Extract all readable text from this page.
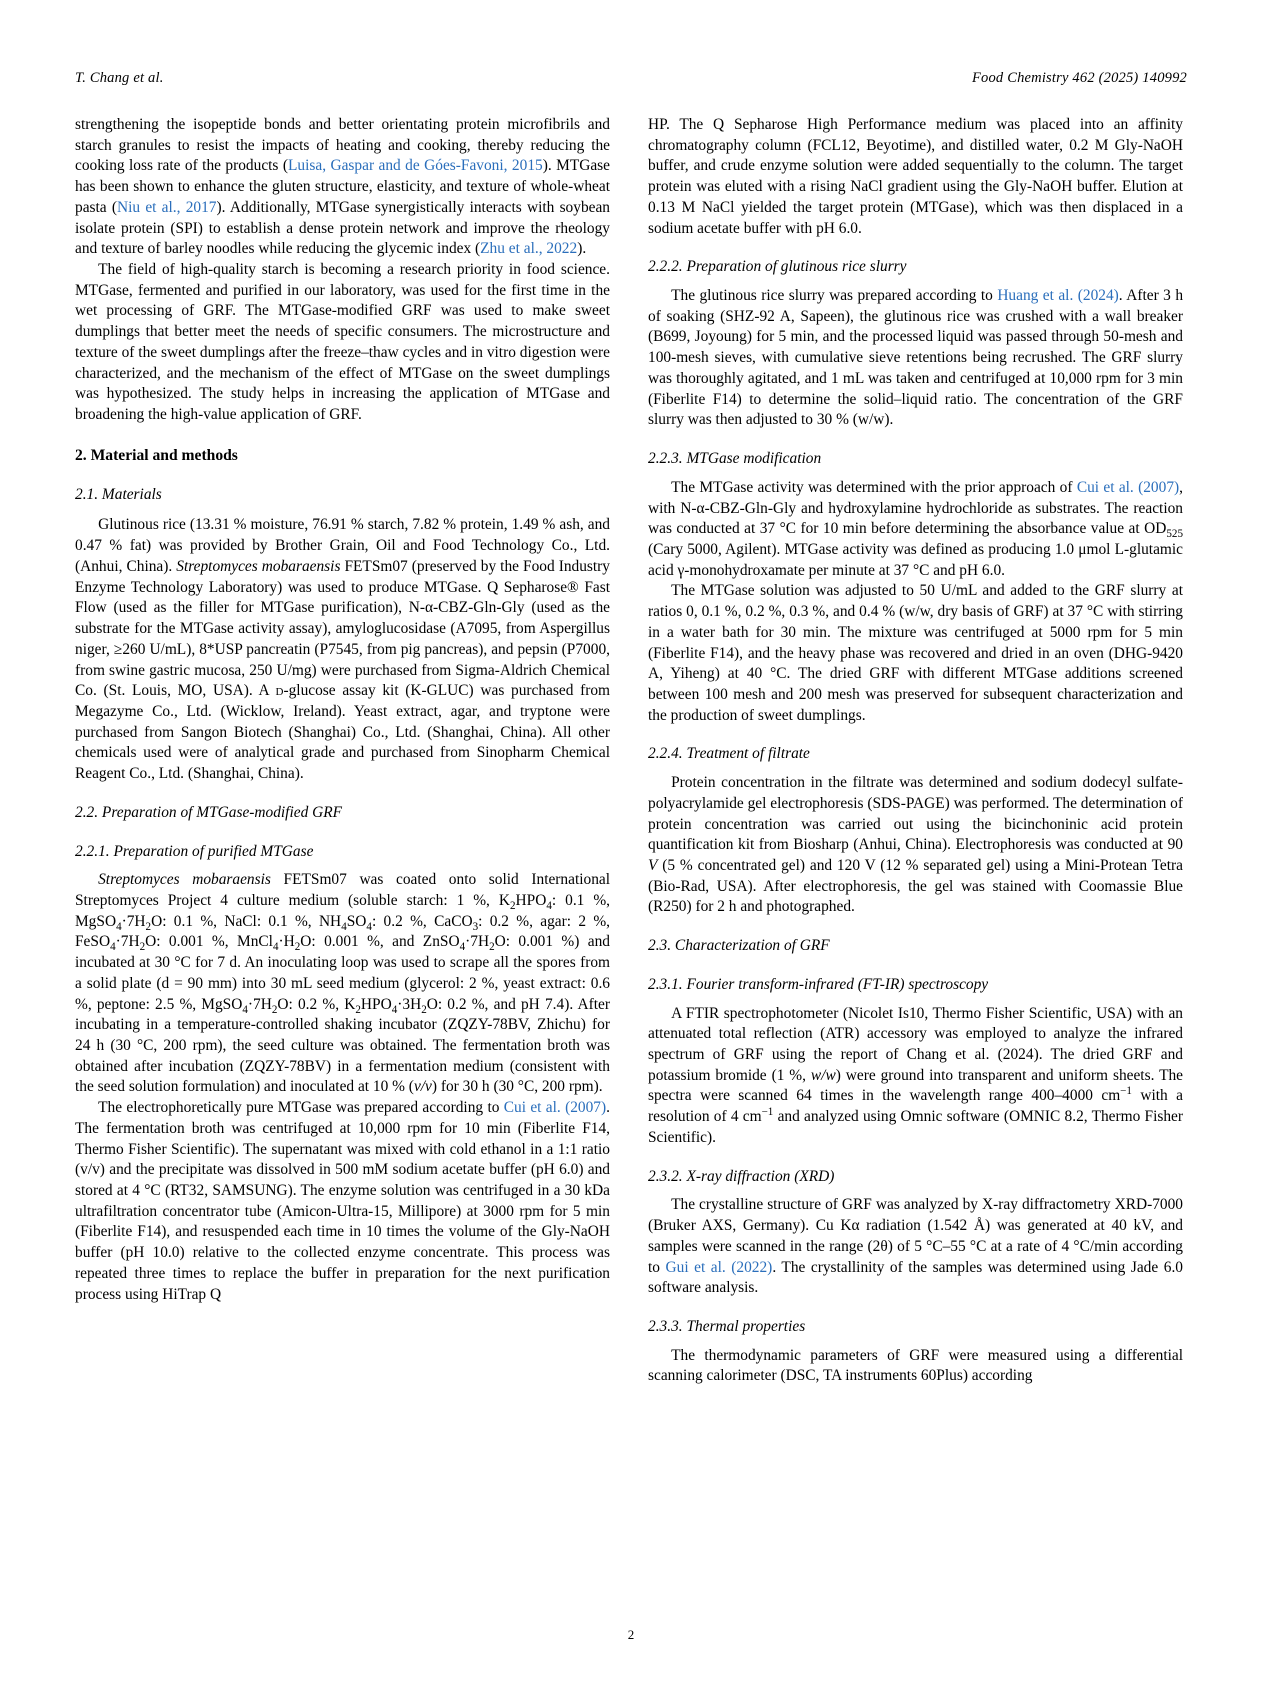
T. Chang et al.	Food Chemistry 462 (2025) 140992

strengthening the isopeptide bonds and better orientating protein microfibrils and starch granules to resist the impacts of heating and cooking, thereby reducing the cooking loss rate of the products (Luisa, Gaspar and de Góes-Favoni, 2015). MTGase has been shown to enhance the gluten structure, elasticity, and texture of whole-wheat pasta (Niu et al., 2017). Additionally, MTGase synergistically interacts with soybean isolate protein (SPI) to establish a dense protein network and improve the rheology and texture of barley noodles while reducing the glycemic index (Zhu et al., 2022).

The field of high-quality starch is becoming a research priority in food science. MTGase, fermented and purified in our laboratory, was used for the first time in the wet processing of GRF. The MTGase-modified GRF was used to make sweet dumplings that better meet the needs of specific consumers. The microstructure and texture of the sweet dumplings after the freeze–thaw cycles and in vitro digestion were characterized, and the mechanism of the effect of MTGase on the sweet dumplings was hypothesized. The study helps in increasing the application of MTGase and broadening the high-value application of GRF.

2. Material and methods
2.1. Materials

Glutinous rice (13.31 % moisture, 76.91 % starch, 7.82 % protein, 1.49 % ash, and 0.47 % fat) was provided by Brother Grain, Oil and Food Technology Co., Ltd. (Anhui, China). Streptomyces mobaraensis FETSm07 (preserved by the Food Industry Enzyme Technology Laboratory) was used to produce MTGase. Q Sepharose® Fast Flow (used as the filler for MTGase purification), N-α-CBZ-Gln-Gly (used as the substrate for the MTGase activity assay), amyloglucosidase (A7095, from Aspergillus niger, ≥260 U/mL), 8*USP pancreatin (P7545, from pig pancreas), and pepsin (P7000, from swine gastric mucosa, 250 U/mg) were purchased from Sigma-Aldrich Chemical Co. (St. Louis, MO, USA). A d-glucose assay kit (K-GLUC) was purchased from Megazyme Co., Ltd. (Wicklow, Ireland). Yeast extract, agar, and tryptone were purchased from Sangon Biotech (Shanghai) Co., Ltd. (Shanghai, China). All other chemicals used were of analytical grade and purchased from Sinopharm Chemical Reagent Co., Ltd. (Shanghai, China).

2.2. Preparation of MTGase-modified GRF
2.2.1. Preparation of purified MTGase

Streptomyces mobaraensis FETSm07 was coated onto solid International Streptomyces Project 4 culture medium (soluble starch: 1 %, $K_2HPO_4$: 0.1 %, $MgSO_4\cdot 7H_2O$: 0.1 %, NaCl: 0.1 %, $NH_4SO_4$: 0.2 %, CaCO$_3$: 0.2 %, agar: 2 %, $FeSO_4\cdot 7H_2O$: 0.001 %, $MnCl_4\cdot H_2O$: 0.001 %, and $ZnSO_4\cdot 7H_2O$: 0.001 %) and incubated at 30 °C for 7 d. An inoculating loop was used to scrape all the spores from a solid plate (d = 90 mm) into 30 mL seed medium (glycerol: 2 %, yeast extract: 0.6 %, peptone: 2.5 %, $MgSO_4\cdot 7H_2O$: 0.2 %, $K_2HPO_4\cdot 3H_2O$: 0.2 %, and pH 7.4). After incubating in a temperature-controlled shaking incubator (ZQZY-78BV, Zhichu) for 24 h (30 °C, 200 rpm), the seed culture was obtained. The fermentation broth was obtained after incubation (ZQZY-78BV) in a fermentation medium (consistent with the seed solution formulation) and inoculated at 10 % (v/v) for 30 h (30 °C, 200 rpm).

The electrophoretically pure MTGase was prepared according to Cui et al. (2007). The fermentation broth was centrifuged at 10,000 rpm for 10 min (Fiberlite F14, Thermo Fisher Scientific). The supernatant was mixed with cold ethanol in a 1:1 ratio (v/v) and the precipitate was dissolved in 500 mM sodium acetate buffer (pH 6.0) and stored at 4 °C (RT32, SAMSUNG). The enzyme solution was centrifuged in a 30 kDa ultrafiltration concentrator tube (Amicon-Ultra-15, Millipore) at 3000 rpm for 5 min (Fiberlite F14), and resuspended each time in 10 times the volume of the Gly-NaOH buffer (pH 10.0) relative to the collected enzyme concentrate. This process was repeated three times to replace the buffer in preparation for the next purification process using HiTrap Q

HP. The Q Sepharose High Performance medium was placed into an affinity chromatography column (FCL12, Beyotime), and distilled water, 0.2 M Gly-NaOH buffer, and crude enzyme solution were added sequentially to the column. The target protein was eluted with a rising NaCl gradient using the Gly-NaOH buffer. Elution at 0.13 M NaCl yielded the target protein (MTGase), which was then displaced in a sodium acetate buffer with pH 6.0.

2.2.2. Preparation of glutinous rice slurry

The glutinous rice slurry was prepared according to Huang et al. (2024). After 3 h of soaking (SHZ-92 A, Sapeen), the glutinous rice was crushed with a wall breaker (B699, Joyoung) for 5 min, and the processed liquid was passed through 50-mesh and 100-mesh sieves, with cumulative sieve retentions being recrushed. The GRF slurry was thoroughly agitated, and 1 mL was taken and centrifuged at 10,000 rpm for 3 min (Fiberlite F14) to determine the solid–liquid ratio. The concentration of the GRF slurry was then adjusted to 30 % (w/w).

2.2.3. MTGase modification

The MTGase activity was determined with the prior approach of Cui et al. (2007), with N-α-CBZ-Gln-Gly and hydroxylamine hydrochloride as substrates. The reaction was conducted at 37 °C for 10 min before determining the absorbance value at $OD_{525}$ (Cary 5000, Agilent). MTGase activity was defined as producing 1.0 μmol L-glutamic acid γ-monohydroxamate per minute at 37 °C and pH 6.0.

The MTGase solution was adjusted to 50 U/mL and added to the GRF slurry at ratios 0, 0.1 %, 0.2 %, 0.3 %, and 0.4 % (w/w, dry basis of GRF) at 37 °C with stirring in a water bath for 30 min. The mixture was centrifuged at 5000 rpm for 5 min (Fiberlite F14), and the heavy phase was recovered and dried in an oven (DHG-9420 A, Yiheng) at 40 °C. The dried GRF with different MTGase additions screened between 100 mesh and 200 mesh was preserved for subsequent characterization and the production of sweet dumplings.

2.2.4. Treatment of filtrate

Protein concentration in the filtrate was determined and sodium dodecyl sulfate-polyacrylamide gel electrophoresis (SDS-PAGE) was performed. The determination of protein concentration was carried out using the bicinchoninic acid protein quantification kit from Biosharp (Anhui, China). Electrophoresis was conducted at 90 V (5 % concentrated gel) and 120 V (12 % separated gel) using a Mini-Protean Tetra (Bio-Rad, USA). After electrophoresis, the gel was stained with Coomassie Blue (R250) for 2 h and photographed.

2.3. Characterization of GRF
2.3.1. Fourier transform-infrared (FT-IR) spectroscopy

A FTIR spectrophotometer (Nicolet Is10, Thermo Fisher Scientific, USA) with an attenuated total reflection (ATR) accessory was employed to analyze the infrared spectrum of GRF using the report of Chang et al. (2024). The dried GRF and potassium bromide (1 %, w/w) were ground into transparent and uniform sheets. The spectra were scanned 64 times in the wavelength range 400–4000 $cm^{-1}$ with a resolution of 4 $cm^{-1}$ and analyzed using Omnic software (OMNIC 8.2, Thermo Fisher Scientific).

2.3.2. X-ray diffraction (XRD)

The crystalline structure of GRF was analyzed by X-ray diffractometry XRD-7000 (Bruker AXS, Germany). Cu Kα radiation (1.542 Å) was generated at 40 kV, and samples were scanned in the range (2θ) of 5 °C–55 °C at a rate of 4 °C/min according to Gui et al. (2022). The crystallinity of the samples was determined using Jade 6.0 software analysis.

2.3.3. Thermal properties

The thermodynamic parameters of GRF were measured using a differential scanning calorimeter (DSC, TA instruments 60Plus) according

2
